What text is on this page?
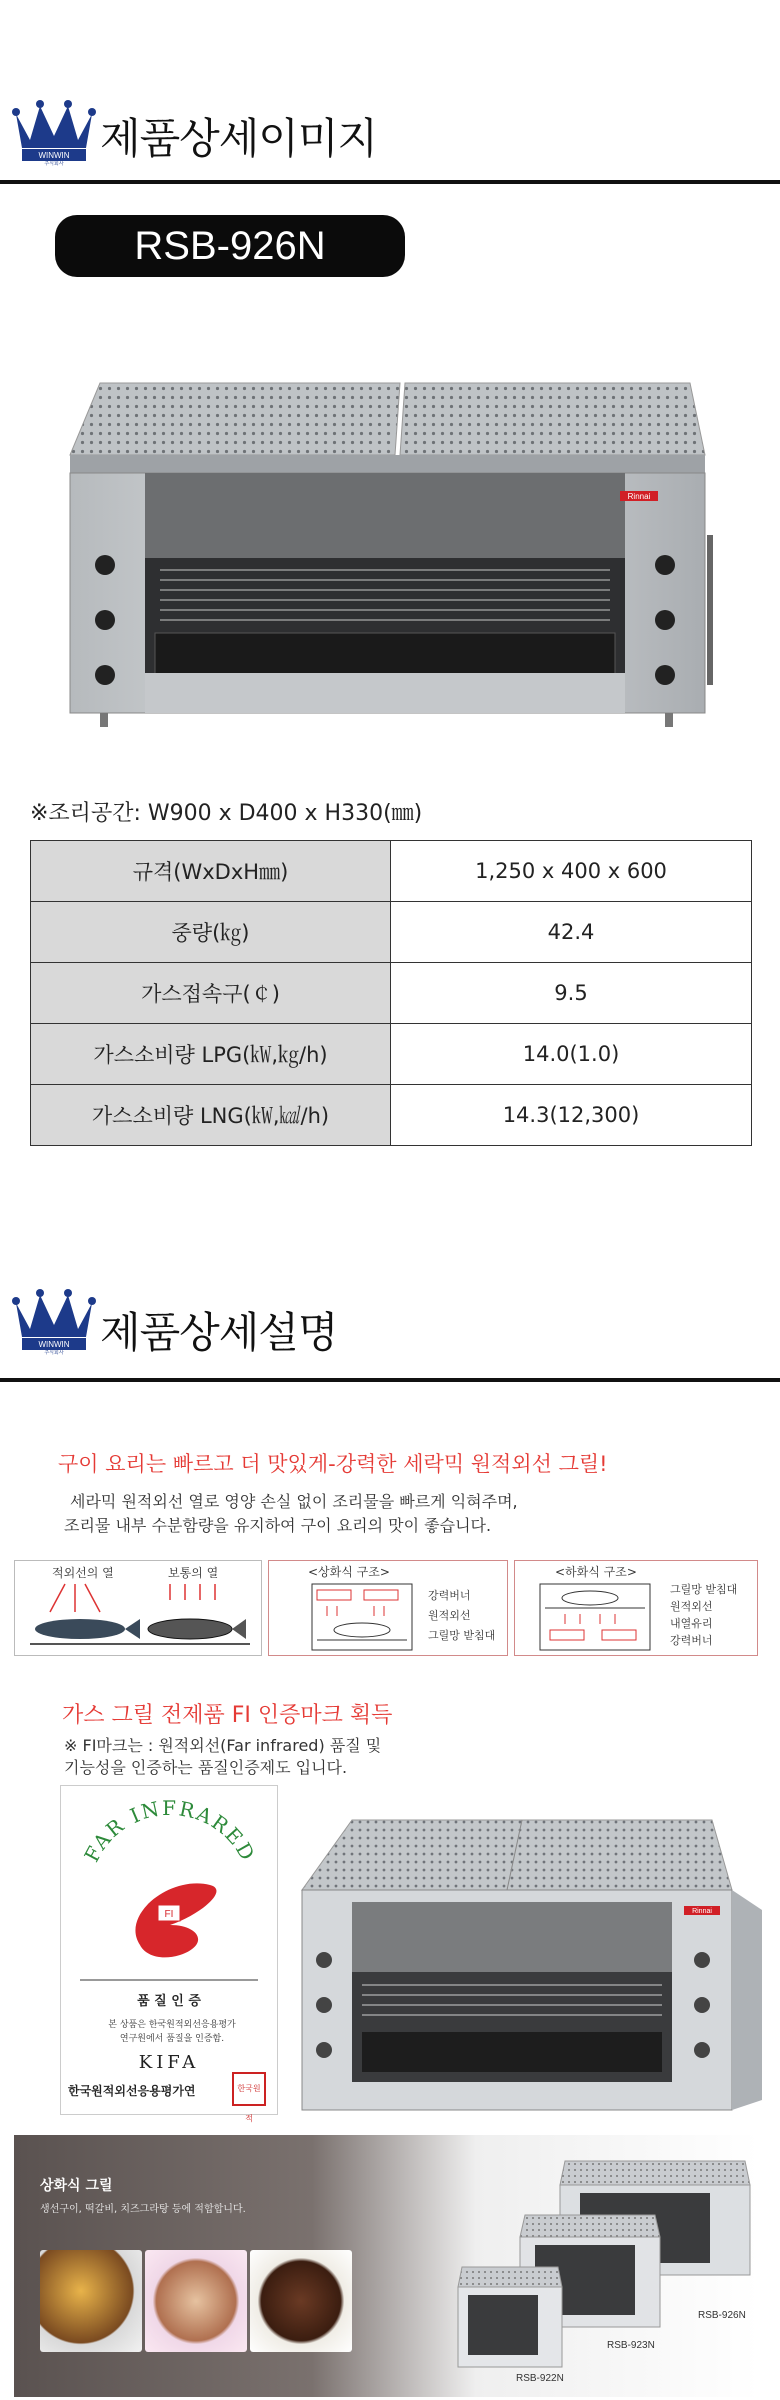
WINWIN
주식회사
제품상세이미지
RSB-926N
Rinnai
※조리공간: W900 x D400 x H330(㎜)
규격(WxDxH㎜)	1,250 x 400 x 600
중량(㎏)	42.4
가스접속구(￠)	9.5
가스소비량 LPG(㎾,㎏/h)	14.0(1.0)
가스소비량 LNG(㎾,㎉/h)	14.3(12,300)
WINWIN
주식회사 제품상세설명
구이 요리는 빠르고 더 맛있게-강력한 세락믹 원적외선 그릴!
세라믹 원적외선 열로 영양 손실 없이 조리물을 빠르게 익혀주며,
조리물 내부 수분함량을 유지하여 구이 요리의 맛이 좋습니다.
적외선의 열	보통의 열	<상화식 구조>
강력버너
원적외선
그릴망 받침대
<하화식 구조>
그릴망 받침대
원적외선
내열유리
강력버너
가스 그릴 전제품 FI 인증마크 획득
※ FI마크는 : 원적외선(Far infrared) 품질 및
기능성을 인증하는 품질인증제도 입니다.
FAR INFRARED
FI
품 질 인 증
본 상품은 한국원적외선응용평가
연구원에서 품질을 인증함.
KIFA
한국원적외선응용평가연	한국원적
Rinnai
상화식 그릴
생선구이, 떡갈비, 치즈그라탕 등에 적합합니다.
RSB-926N
RSB-923N
RSB-922N
